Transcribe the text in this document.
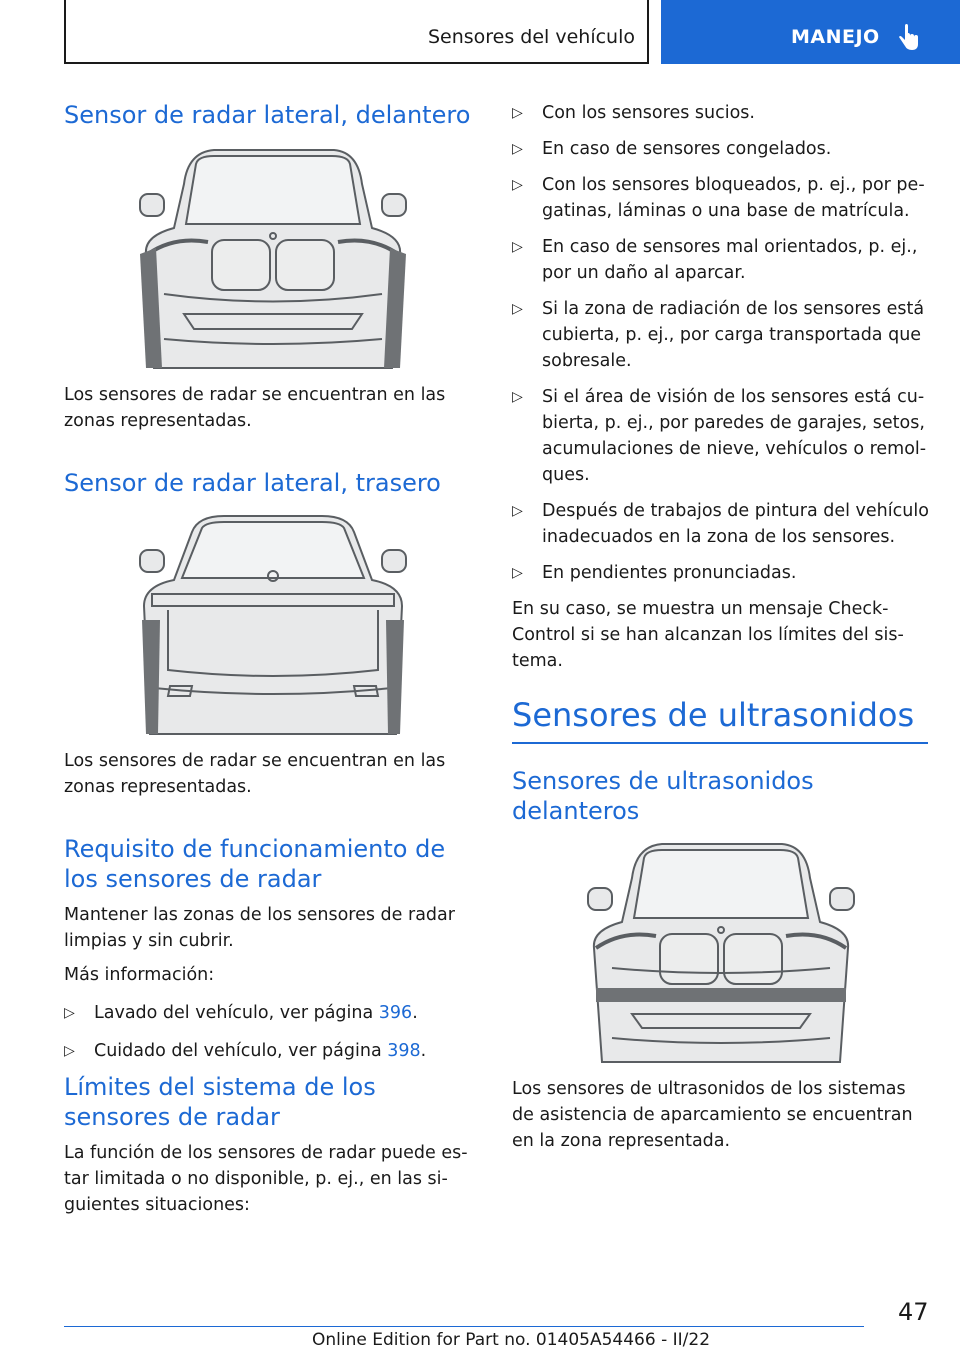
Sensores del vehículo	MANEJO
Sensor de radar lateral, delantero

Los sensores de radar se encuentran en las zonas representadas.

Sensor de radar lateral, trasero

Los sensores de radar se encuentran en las zonas representadas.

Requisito de funcionamiento de los sensores de radar

Mantener las zonas de los sensores de radar limpias y sin cubrir.

Más información:

▷ Lavado del vehículo, ver página 396.

▷ Cuidado del vehículo, ver página 398.

Límites del sistema de los sensores de radar

La función de los sensores de radar puede estar limitada o no disponible, p. ej., en las siguientes situaciones:

▷ Con los sensores sucios.

▷ En caso de sensores congelados.

▷ Con los sensores bloqueados, p. ej., por pegatinas, láminas o una base de matrícula.

▷ En caso de sensores mal orientados, p. ej., por un daño al aparcar.

▷ Si la zona de radiación de los sensores está cubierta, p. ej., por carga transportada que sobresale.

▷ Si el área de visión de los sensores está cubierta, p. ej., por paredes de garajes, setos, acumulaciones de nieve, vehículos o remolques.

▷ Después de trabajos de pintura del vehículo inadecuados en la zona de los sensores.

▷ En pendientes pronunciadas.

En su caso, se muestra un mensaje Check-Control si se han alcanzan los límites del sistema.

Sensores de ultrasonidos
Sensores de ultrasonidos delanteros

Los sensores de ultrasonidos de los sistemas de asistencia de aparcamiento se encuentran en la zona representada.

47
Online Edition for Part no. 01405A54466 - II/22
